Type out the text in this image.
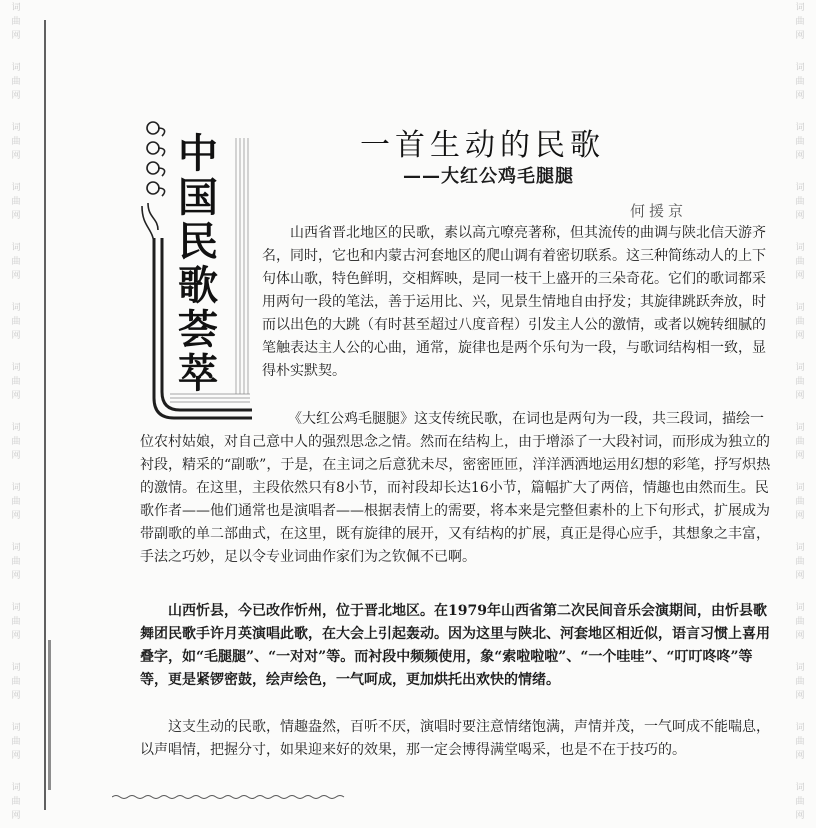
词
曲
网
词
曲
网
词
曲
网
词
曲
网
词
曲
网
词
曲
网
词
曲
网
词
曲
网
词
曲
网
词
曲
网
词
曲
网
词
曲
网
词
曲
网
词
曲
网
词
曲
网
词
曲
网
词
曲
网
词
曲
网
词
曲
网
词
曲
网
词
曲
网
词
曲
网
词
曲
网
词
曲
网
词
曲
网
词
曲
网
词
曲
网
词
曲
网
中
国
民
歌
荟
萃
一首生动的民歌
——大红公鸡毛腿腿
何援京

山西省晋北地区的民歌，素以高亢嘹亮著称，但其流传的曲调与陕北信天游齐名，同时，它也和内蒙古河套地区的爬山调有着密切联系。这三种简练动人的上下句体山歌，特色鲜明，交相辉映，是同一枝干上盛开的三朵奇花。它们的歌词都采用两句一段的笔法，善于运用比、兴，见景生情地自由抒发；其旋律跳跃奔放，时而以出色的大跳（有时甚至超过八度音程）引发主人公的激情，或者以婉转细腻的笔触表达主人公的心曲，通常，旋律也是两个乐句为一段，与歌词结构相一致，显得朴实默契。

《大红公鸡毛腿腿》这支传统民歌，在词也是两句为一段，共三段词，描绘一位农村姑娘，对自己意中人的强烈思念之情。然而在结构上，由于增添了一大段衬词，而形成为独立的衬段，精采的“副歌”，于是，在主词之后意犹未尽，密密匝匝，洋洋洒洒地运用幻想的彩笔，抒写炽热的激情。在这里，主段依然只有8小节，而衬段却长达16小节，篇幅扩大了两倍，情趣也由然而生。民歌作者——他们通常也是演唱者——根据表情上的需要，将本来是完整但素朴的上下句形式，扩展成为带副歌的单二部曲式，在这里，既有旋律的展开，又有结构的扩展，真正是得心应手，其想象之丰富，手法之巧妙，足以令专业词曲作家们为之钦佩不已啊。

山西忻县，今已改作忻州，位于晋北地区。在1979年山西省第二次民间音乐会演期间，由忻县歌舞团民歌手许月英演唱此歌，在大会上引起轰动。因为这里与陕北、河套地区相近似，语言习惯上喜用叠字，如“毛腿腿”、“一对对”等。而衬段中频频使用，象“索啦啦啦”、“一个哇哇”、“叮叮咚咚”等等，更是紧锣密鼓，绘声绘色，一气呵成，更加烘托出欢快的情绪。

这支生动的民歌，情趣盎然，百听不厌，演唱时要注意情绪饱满，声情并茂，一气呵成不能喘息，以声唱情，把握分寸，如果迎来好的效果，那一定会博得满堂喝采，也是不在于技巧的。
